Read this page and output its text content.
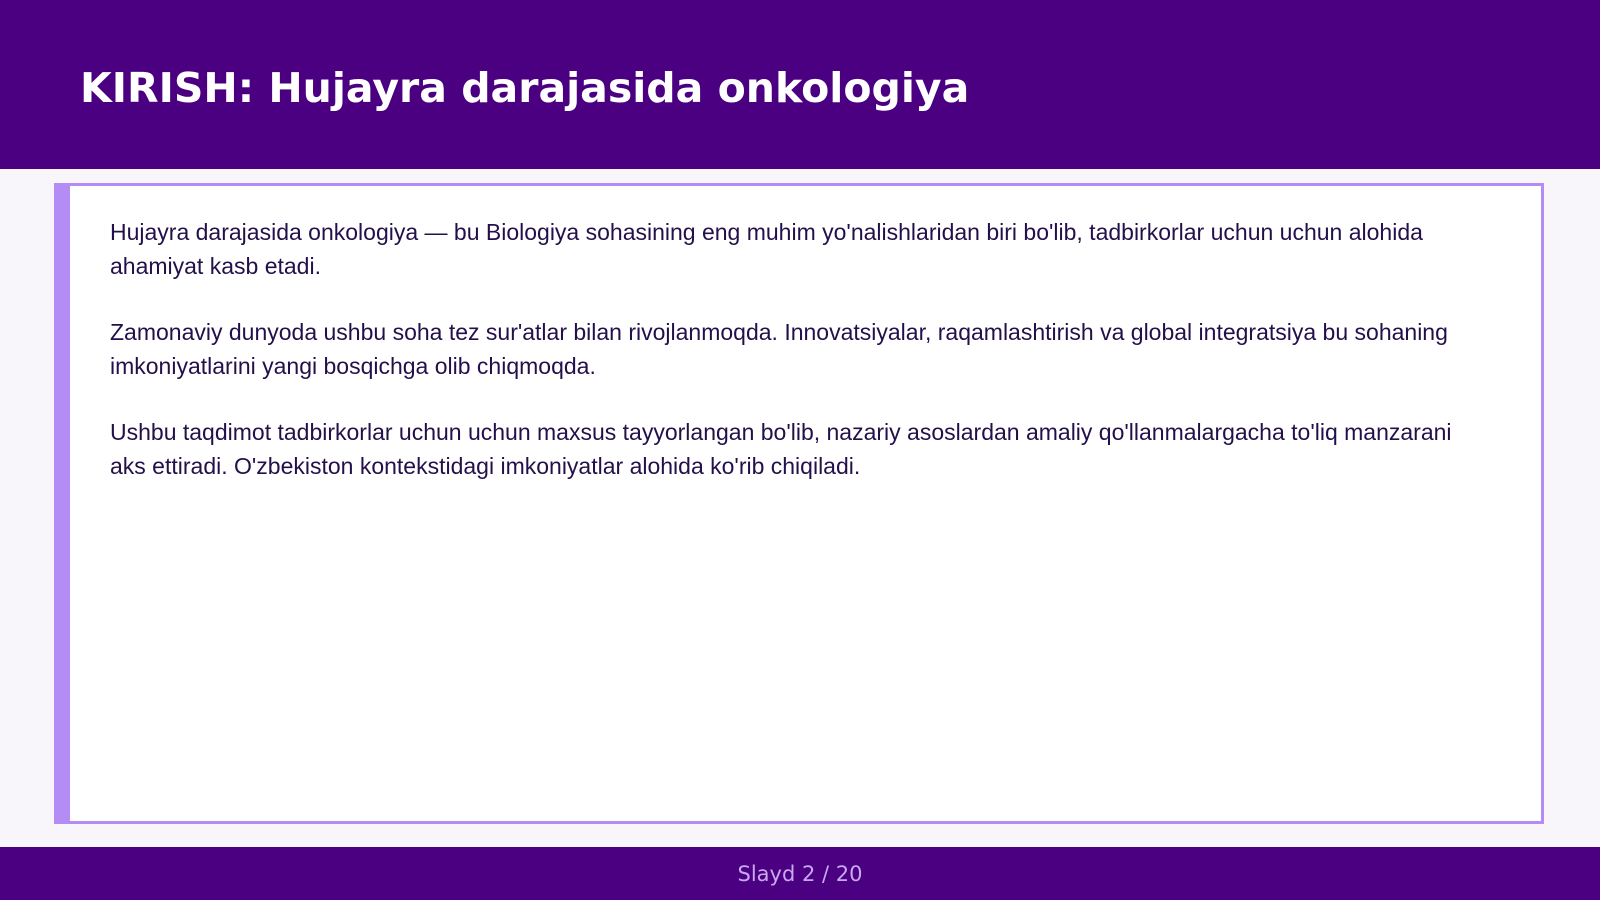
KIRISH: Hujayra darajasida onkologiya

Hujayra darajasida onkologiya — bu Biologiya sohasining eng muhim yo'nalishlaridan biri bo'lib, tadbirkorlar uchun uchun alohida ahamiyat kasb etadi.

Zamonaviy dunyoda ushbu soha tez sur'atlar bilan rivojlanmoqda. Innovatsiyalar, raqamlashtirish va global integratsiya bu sohaning imkoniyatlarini yangi bosqichga olib chiqmoqda.

Ushbu taqdimot tadbirkorlar uchun uchun maxsus tayyorlangan bo'lib, nazariy asoslardan amaliy qo'llanmalargacha to'liq manzarani aks ettiradi. O'zbekiston kontekstidagi imkoniyatlar alohida ko'rib chiqiladi.

Slayd 2 / 20
